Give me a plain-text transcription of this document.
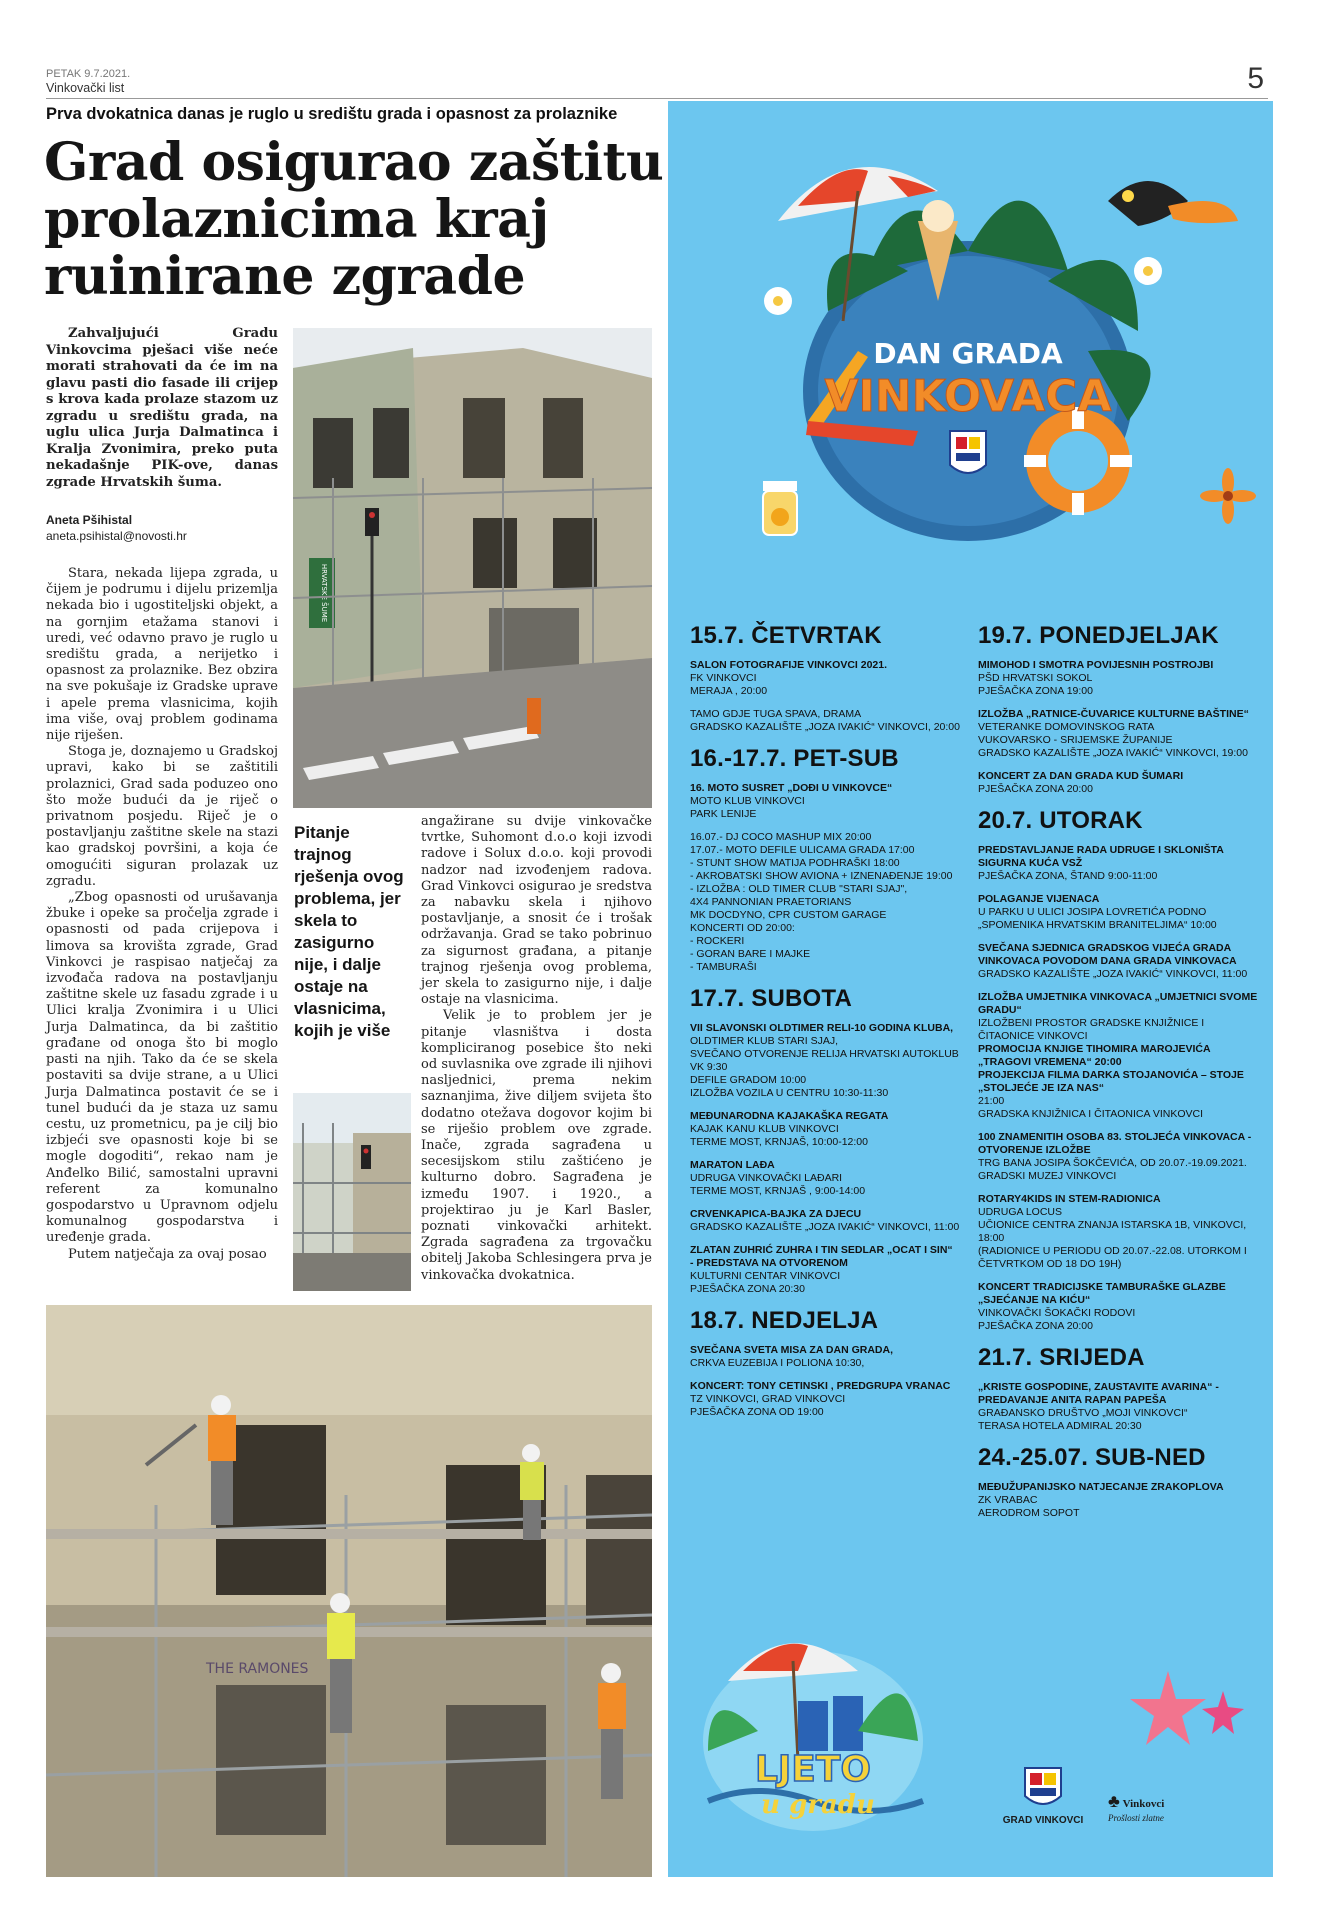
PETAK 9.7.2021.
Vinkovački list	5
Prva dvokatnica danas je ruglo u središtu grada i opasnost za prolaznike
Grad osigurao zaštitu prolaznicima kraj ruinirane zgrade
Zahvaljujući Gradu Vinkovcima pješaci više neće morati strahovati da će im na glavu pasti dio fasade ili crijep s krova kada prolaze stazom uz zgradu u središtu grada, na uglu ulica Jurja Dalmatinca i Kralja Zvonimira, preko puta nekadašnje PIK-ove, danas zgrade Hrvatskih šuma.
Aneta Pšihistal
aneta.psihistal@novosti.hr

Stara, nekada lijepa zgrada, u čijem je podrumu i dijelu prizemlja nekada bio i ugostiteljski objekt, a na gornjim etažama stanovi i uredi, već odavno pravo je ruglo u središtu grada, a nerijetko i opasnost za prolaznike. Bez obzira na sve pokušaje iz Gradske uprave i apele prema vlasnicima, kojih ima više, ovaj problem godinama nije riješen.

Stoga je, doznajemo u Gradskoj upravi, kako bi se zaštitili prolaznici, Grad sada poduzeo ono što može budući da je riječ o privatnom posjedu. Riječ je o postavljanju zaštitne skele na stazi kao gradskoj površini, a koja će omogućiti siguran prolazak uz zgradu.

„Zbog opasnosti od urušavanja žbuke i opeke sa pročelja zgrade i opasnosti od pada crijepova i limova sa krovišta zgrade, Grad Vinkovci je raspisao natječaj za izvođača radova na postavljanju zaštitne skele uz fasadu zgrade i u Ulici kralja Zvonimira i u Ulici Jurja Dalmatinca, da bi zaštitio građane od onoga što bi moglo pasti na njih. Tako da će se skela postaviti sa dvije strane, a u Ulici Jurja Dalmatinca postavit će se i tunel budući da je staza uz samu cestu, uz prometnicu, pa je cilj bio izbjeći sve opasnosti koje bi se mogle dogoditi“, rekao nam je Anđelko Bilić, samostalni upravni referent za komunalno gospodarstvo u Upravnom odjelu komunalnog gospodarstva i uređenje grada.

Putem natječaja za ovaj posao

angažirane su dvije vinkovačke tvrtke, Suhomont d.o.o koji izvodi radove i Solux d.o.o. koji provodi nadzor nad izvođenjem radova. Grad Vinkovci osigurao je sredstva za nabavku skela i njihovo postavljanje, a snosit će i trošak održavanja. Grad se tako pobrinuo za sigurnost građana, a pitanje trajnog rješenja ovog problema, jer skela to zasigurno nije, i dalje ostaje na vlasnicima.

Velik je to problem jer je pitanje vlasništva i dosta kompliciranog posebice što neki od suvlasnika ove zgrade ili njihovi nasljednici, prema nekim saznanjima, žive diljem svijeta što dodatno otežava dogovor kojim bi se riješio problem ove zgrade. Inače, zgrada sagrađena u secesijskom stilu zaštićeno je kulturno dobro. Sagrađena je između 1907. i 1920., a projektirao ju je Karl Basler, poznati vinkovački arhitekt. Zgrada sagrađena za trgovačku obitelj Jakoba Schlesingera prva je vinkovačka dvokatnica.

HRVATSKE ŠUME
Pitanje trajnog rješenja ovog problema, jer skela to zasigurno nije, i dalje ostaje na vlasnicima, kojih je više
THE RAMONES
DAN GRADA
VINKOVACA
15.7. ČETVRTAK
SALON FOTOGRAFIJE VINKOVCI 2021.
FK VINKOVCI
MERAJA , 20:00
TAMO GDJE TUGA SPAVA, DRAMA
GRADSKO KAZALIŠTE „JOZA IVAKIĆ“ VINKOVCI, 20:00
16.-17.7. PET-SUB
16. MOTO SUSRET „DOĐI U VINKOVCE“
MOTO KLUB VINKOVCI
PARK LENIJE
16.07.- DJ COCO MASHUP MIX 20:00
17.07.- MOTO DEFILE ULICAMA GRADA 17:00
- STUNT SHOW MATIJA PODHRAŠKI 18:00
- AKROBATSKI SHOW AVIONA + IZNENAĐENJE 19:00
- IZLOŽBA : OLD TIMER CLUB "STARI SJAJ",
4X4 PANNONIAN PRAETORIANS
MK DOCDYNO, CPR CUSTOM GARAGE
KONCERTI OD 20:00:
- ROCKERI
- GORAN BARE I MAJKE
- TAMBURAŠI
17.7. SUBOTA
VII SLAVONSKI OLDTIMER RELI-10 GODINA KLUBA,
OLDTIMER KLUB STARI SJAJ,
SVEČANO OTVORENJE RELIJA HRVATSKI AUTOKLUB VK 9:30
DEFILE GRADOM 10:00
IZLOŽBA VOZILA U CENTRU 10:30-11:30
MEĐUNARODNA KAJAKAŠKA REGATA
KAJAK KANU KLUB VINKOVCI
TERME MOST, KRNJAŠ, 10:00-12:00
MARATON LAĐA
UDRUGA VINKOVAČKI LAĐARI
TERME MOST, KRNJAŠ , 9:00-14:00
CRVENKAPICA-BAJKA ZA DJECU
GRADSKO KAZALIŠTE „JOZA IVAKIĆ“ VINKOVCI, 11:00
ZLATAN ZUHRIĆ ZUHRA I TIN SEDLAR „OCAT I SIN“
- PREDSTAVA NA OTVORENOM
KULTURNI CENTAR VINKOVCI
PJEŠAČKA ZONA 20:30
18.7. NEDJELJA
SVEČANA SVETA MISA ZA DAN GRADA,
CRKVA EUZEBIJA I POLIONA 10:30,
KONCERT: TONY CETINSKI , PREDGRUPA VRANAC
TZ VINKOVCI, GRAD VINKOVCI
PJEŠAČKA ZONA OD 19:00
19.7. PONEDJELJAK
MIMOHOD I SMOTRA POVIJESNIH POSTROJBI
PŠD HRVATSKI SOKOL
PJEŠAČKA ZONA 19:00
IZLOŽBA „RATNICE-ČUVARICE KULTURNE BAŠTINE“
VETERANKE DOMOVINSKOG RATA
VUKOVARSKO - SRIJEMSKE ŽUPANIJE
GRADSKO KAZALIŠTE „JOZA IVAKIĆ“ VINKOVCI, 19:00
KONCERT ZA DAN GRADA KUD ŠUMARI
PJEŠAČKA ZONA 20:00
20.7. UTORAK
PREDSTAVLJANJE RADA UDRUGE I SKLONIŠTA SIGURNA KUĆA VSŽ
PJEŠAČKA ZONA, ŠTAND 9:00-11:00
POLAGANJE VIJENACA
U PARKU U ULICI JOSIPA LOVRETIĆA PODNO „SPOMENIKA HRVATSKIM BRANITELJIMA“ 10:00
SVEČANA SJEDNICA GRADSKOG VIJEĆA GRADA VINKOVACA POVODOM DANA GRADA VINKOVACA
GRADSKO KAZALIŠTE „JOZA IVAKIĆ“ VINKOVCI, 11:00
IZLOŽBA UMJETNIKA VINKOVACA „UMJETNICI SVOME GRADU“
IZLOŽBENI PROSTOR GRADSKE KNJIŽNICE I ČITAONICE VINKOVCI
PROMOCIJA KNJIGE TIHOMIRA MAROJEVIĆA „TRAGOVI VREMENA“ 20:00
PROJEKCIJA FILMA DARKA STOJANOVIĆA – STOJE „STOLJEĆE JE IZA NAS“
21:00
GRADSKA KNJIŽNICA I ČITAONICA VINKOVCI
100 ZNAMENITIH OSOBA 83. STOLJEĆA VINKOVACA -OTVORENJE IZLOŽBE
TRG BANA JOSIPA ŠOKČEVIĆA, OD 20.07.-19.09.2021.
GRADSKI MUZEJ VINKOVCI
ROTARY4KIDS IN STEM-RADIONICA
UDRUGA LOCUS
UČIONICE CENTRA ZNANJA ISTARSKA 1B, VINKOVCI, 18:00
(RADIONICE U PERIODU OD 20.07.-22.08. UTORKOM I ČETVRTKOM OD 18 DO 19H)
KONCERT TRADICIJSKE TAMBURAŠKE GLAZBE „SJEĆANJE NA KIĆU“
VINKOVAČKI ŠOKAČKI RODOVI
PJEŠAČKA ZONA 20:00
21.7. SRIJEDA
„KRISTE GOSPODINE, ZAUSTAVITE AVARINA“ - PREDAVANJE ANITA RAPAN PAPEŠA
GRAĐANSKO DRUŠTVO „MOJI VINKOVCI“
TERASA HOTELA ADMIRAL 20:30
24.-25.07. SUB-NED
MEĐUŽUPANIJSKO NATJECANJE ZRAKOPLOVA
ZK VRABAC
AERODROM SOPOT
LJETO
u gradu
GRAD VINKOVCI
♣ Vinkovci
Prošlosti zlatne
